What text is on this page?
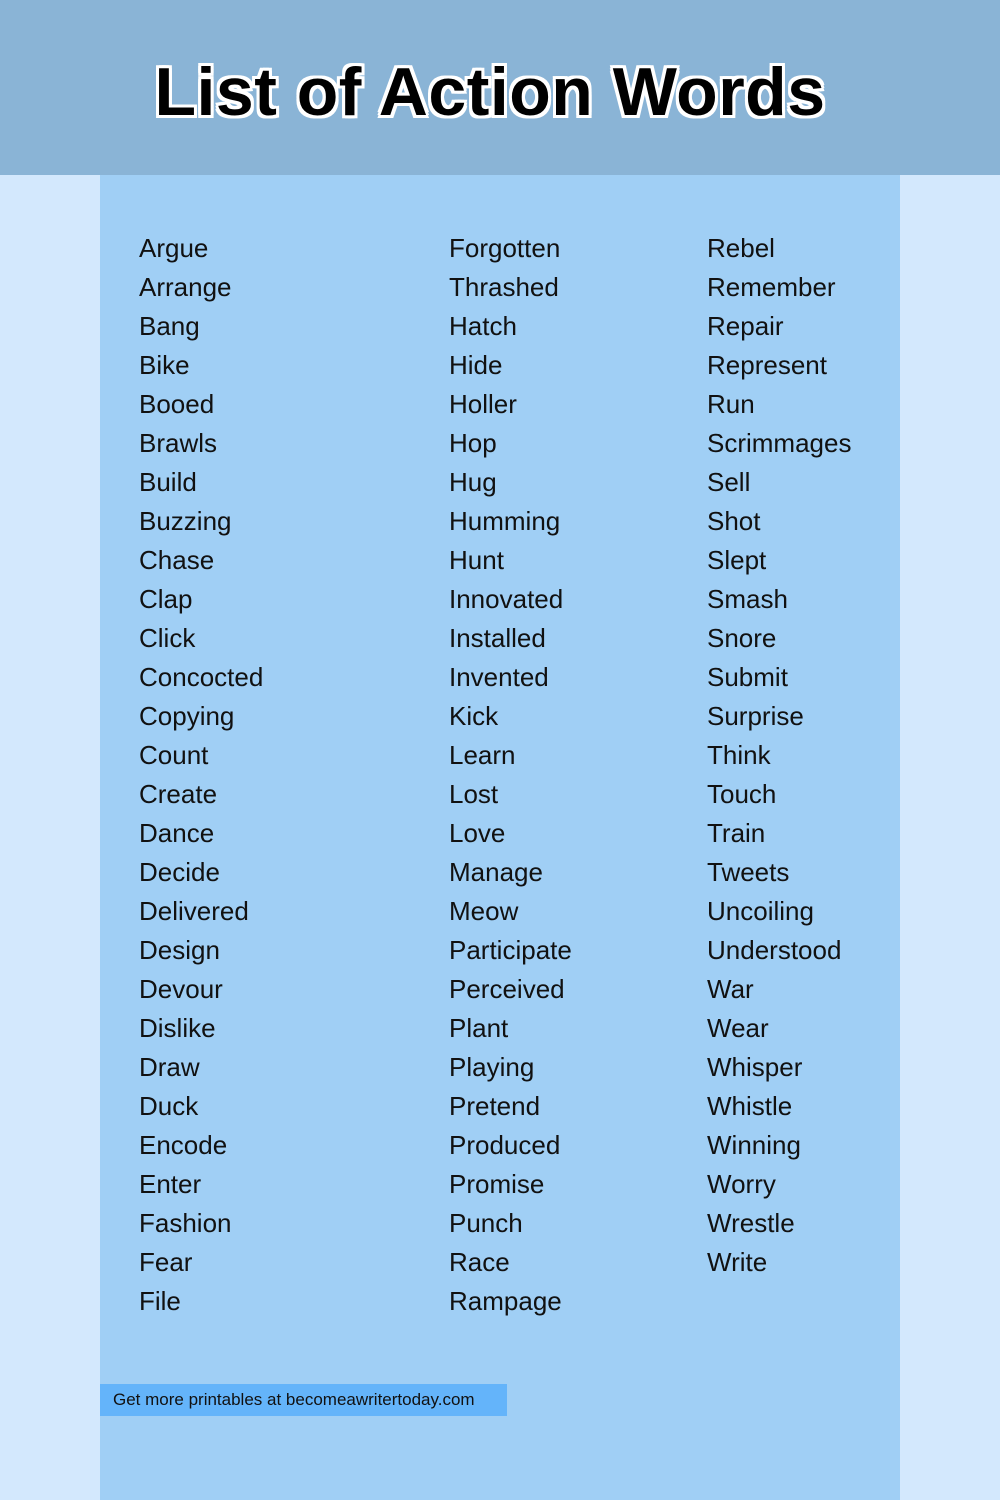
List of Action Words
Argue
Arrange
Bang
Bike
Booed
Brawls
Build
Buzzing
Chase
Clap
Click
Concocted
Copying
Count
Create
Dance
Decide
Delivered
Design
Devour
Dislike
Draw
Duck
Encode
Enter
Fashion
Fear
File
Forgotten
Thrashed
Hatch
Hide
Holler
Hop
Hug
Humming
Hunt
Innovated
Installed
Invented
Kick
Learn
Lost
Love
Manage
Meow
Participate
Perceived
Plant
Playing
Pretend
Produced
Promise
Punch
Race
Rampage
Rebel
Remember
Repair
Represent
Run
Scrimmages
Sell
Shot
Slept
Smash
Snore
Submit
Surprise
Think
Touch
Train
Tweets
Uncoiling
Understood
War
Wear
Whisper
Whistle
Winning
Worry
Wrestle
Write
Get more printables at becomeawritertoday.com
